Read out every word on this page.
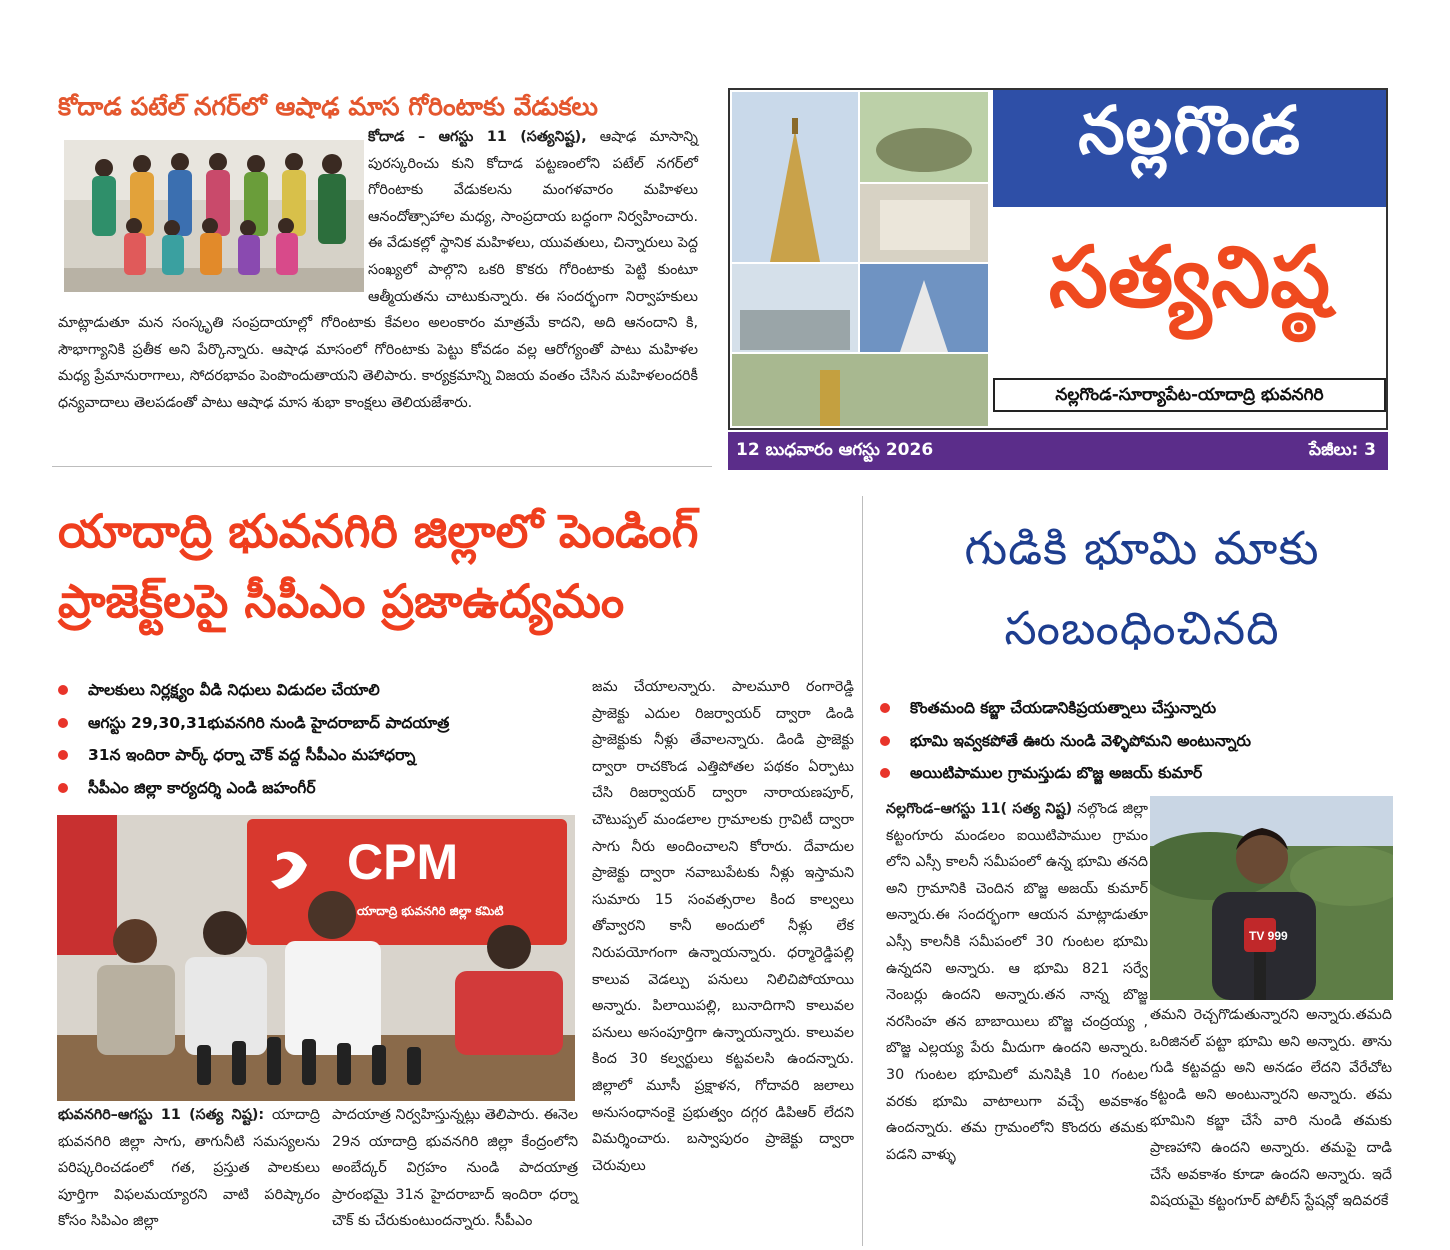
కోదాడ పటేల్ నగర్‌లో ఆషాఢ మాస గోరింటాకు వేడుకలు
కోదాడ – ఆగస్టు 11 (సత్యనిష్ట), ఆషాఢ మాసాన్ని పురస్కరించు కుని కోదాడ పట్టణంలోని పటేల్ నగర్‌లో గోరింటాకు వేడుకలను మంగళవారం మహిళలు ఆనందోత్సాహాల మధ్య, సాంప్రదాయ బద్ధంగా నిర్వహించారు. ఈ వేడుకల్లో స్థానిక మహిళలు, యువతులు, చిన్నారులు పెద్ద సంఖ్యలో పాల్గొని ఒకరి కొకరు గోరింటాకు పెట్టి కుంటూ ఆత్మీయతను చాటుకున్నారు. ఈ సందర్భంగా నిర్వాహకులు మాట్లాడుతూ మన సంస్కృతి సంప్రదాయాల్లో గోరింటాకు కేవలం అలంకారం మాత్రమే కాదని, అది ఆనందాని కి, సౌభాగ్యానికి ప్రతీక అని పేర్కొన్నారు. ఆషాఢ మాసంలో గోరింటాకు పెట్టు కోవడం వల్ల ఆరోగ్యంతో పాటు మహిళల మధ్య ప్రేమానురాగాలు, సోదరభావం పెంపొందుతాయని తెలిపారు. కార్యక్రమాన్ని విజయ వంతం చేసిన మహిళలందరికీ ధన్యవాదాలు తెలపడంతో పాటు ఆషాఢ మాస శుభా కాంక్షలు తెలియజేశారు.
నల్లగొండ
సత్యనిష్ఠ
నల్లగొండ-సూర్యాపేట-యాదాద్రి భువనగిరి
12 బుధవారం ఆగస్టు 2026	పేజీలు: 3
యాదాద్రి భువనగిరి జిల్లాలో పెండింగ్ ప్రాజెక్ట్‌లపై సీపీఎం ప్రజాఉద్యమం
పాలకులు నిర్లక్ష్యం వీడి నిధులు విడుదల చేయాలి
ఆగస్టు 29,30,31భువనగిరి నుండి హైదరాబాద్ పాదయాత్ర
31న ఇందిరా పార్క్ ధర్నా చౌక్ వద్ద సీపీఎం మహాధర్నా
సీపీఎం జిల్లా కార్యదర్శి ఎండి జహంగీర్
CPM
యాదాద్రి భువనగిరి జిల్లా కమిటి
భువనగిరి–ఆగస్టు 11 (సత్య నిష్ట): యాదాద్రి భువనగిరి జిల్లా సాగు, తాగునీటి సమస్యలను పరిష్కరించడంలో గత, ప్రస్తుత పాలకులు పూర్తిగా విఫలమయ్యారని వాటి పరిష్కారం కోసం సిపిఎం జిల్లా
పాదయాత్ర నిర్వహిస్తున్నట్లు తెలిపారు. ఈనెల 29న యాదాద్రి భువనగిరి జిల్లా కేంద్రంలోని అంబేద్కర్ విగ్రహం నుండి పాదయాత్ర ప్రారంభమై 31న హైదరాబాద్ ఇందిరా ధర్నా చౌక్ కు చేరుకుంటుందన్నారు. సీపీఎం
జమ చేయాలన్నారు. పాలమూరి రంగారెడ్డి ప్రాజెక్టు ఎదుల రిజర్వాయర్ ద్వారా డిండి ప్రాజెక్టుకు నీళ్లు తేవాలన్నారు. డిండి ప్రాజెక్టు ద్వారా రాచకొండ ఎత్తిపోతల పథకం ఏర్పాటు చేసి రిజర్వాయర్ ద్వారా నారాయణపూర్, చౌటుప్పల్ మండలాల గ్రామాలకు గ్రావిటీ ద్వారా సాగు నీరు అందించాలని కోరారు. దేవాదుల ప్రాజెక్టు ద్వారా నవాబుపేటకు నీళ్లు ఇస్తామని సుమారు 15 సంవత్సరాల కింద కాల్వలు తోవ్వారని కానీ అందులో నీళ్లు లేక నిరుపయోగంగా ఉన్నాయన్నారు. ధర్మారెడ్డిపల్లి కాలువ వెడల్పు పనులు నిలిచిపోయాయి అన్నారు. పిలాయిపల్లి, బునాదిగాని కాలువల పనులు అసంపూర్తిగా ఉన్నాయన్నారు. కాలువల కింద 30 కల్వర్టులు కట్టవలసి ఉందన్నారు. జిల్లాలో మూసీ ప్రక్షాళన, గోదావరి జలాలు అనుసంధానంకై ప్రభుత్వం దగ్గర డిపిఆర్ లేదని విమర్శించారు. బస్వాపురం ప్రాజెక్టు ద్వారా చెరువులు
గుడికి భూమి మాకు సంబంధించినది
కొంతమంది కబ్జా చేయడానికిప్రయత్నాలు చేస్తున్నారు
భూమి ఇవ్వకపోతే ఊరు నుండి వెళ్ళిపోమని అంటున్నారు
అయిటిపాముల గ్రామస్తుడు బొజ్జ అజయ్ కుమార్
నల్లగొండ–ఆగస్టు 11( సత్య నిష్ట) నల్గొండ జిల్లా కట్టంగూరు మండలం ఐయిటిపాముల గ్రామం లోని ఎస్సీ కాలనీ సమీపంలో ఉన్న భూమి తనది అని గ్రామానికి చెందిన బొజ్జ అజయ్ కుమార్ అన్నారు.ఈ సందర్భంగా ఆయన మాట్లాడుతూ ఎస్సీ కాలనీకి సమీపంలో 30 గుంటల భూమి ఉన్నదని అన్నారు. ఆ భూమి 821 సర్వే నెంబర్లు ఉందని అన్నారు.తన నాన్న బొజ్జ నరసింహ తన బాబాయిలు బొజ్జ చంద్రయ్య , బొజ్జ ఎల్లయ్య పేరు మీదుగా ఉందని అన్నారు. 30 గుంటల భూమిలో మనిషికి 10 గంటల వరకు భూమి వాటాలుగా వచ్చే అవకాశం ఉందన్నారు. తమ గ్రామంలోని కొందరు తమకు పడని వాళ్ళు
TV 999
తమని రెచ్చగొడుతున్నారని అన్నారు.తమది ఒరిజినల్ పట్టా భూమి అని అన్నారు. తాను గుడి కట్టవద్దు అని అనడం లేదని వేరేచోట కట్టండి అని అంటున్నారని అన్నారు. తమ భూమిని కబ్జా చేసే వారి నుండి తమకు ప్రాణహాని ఉందని అన్నారు. తమపై దాడి చేసే అవకాశం కూడా ఉందని అన్నారు. ఇదే విషయమై కట్టంగూర్ పోలీస్ స్టేషన్లో ఇదివరకే
